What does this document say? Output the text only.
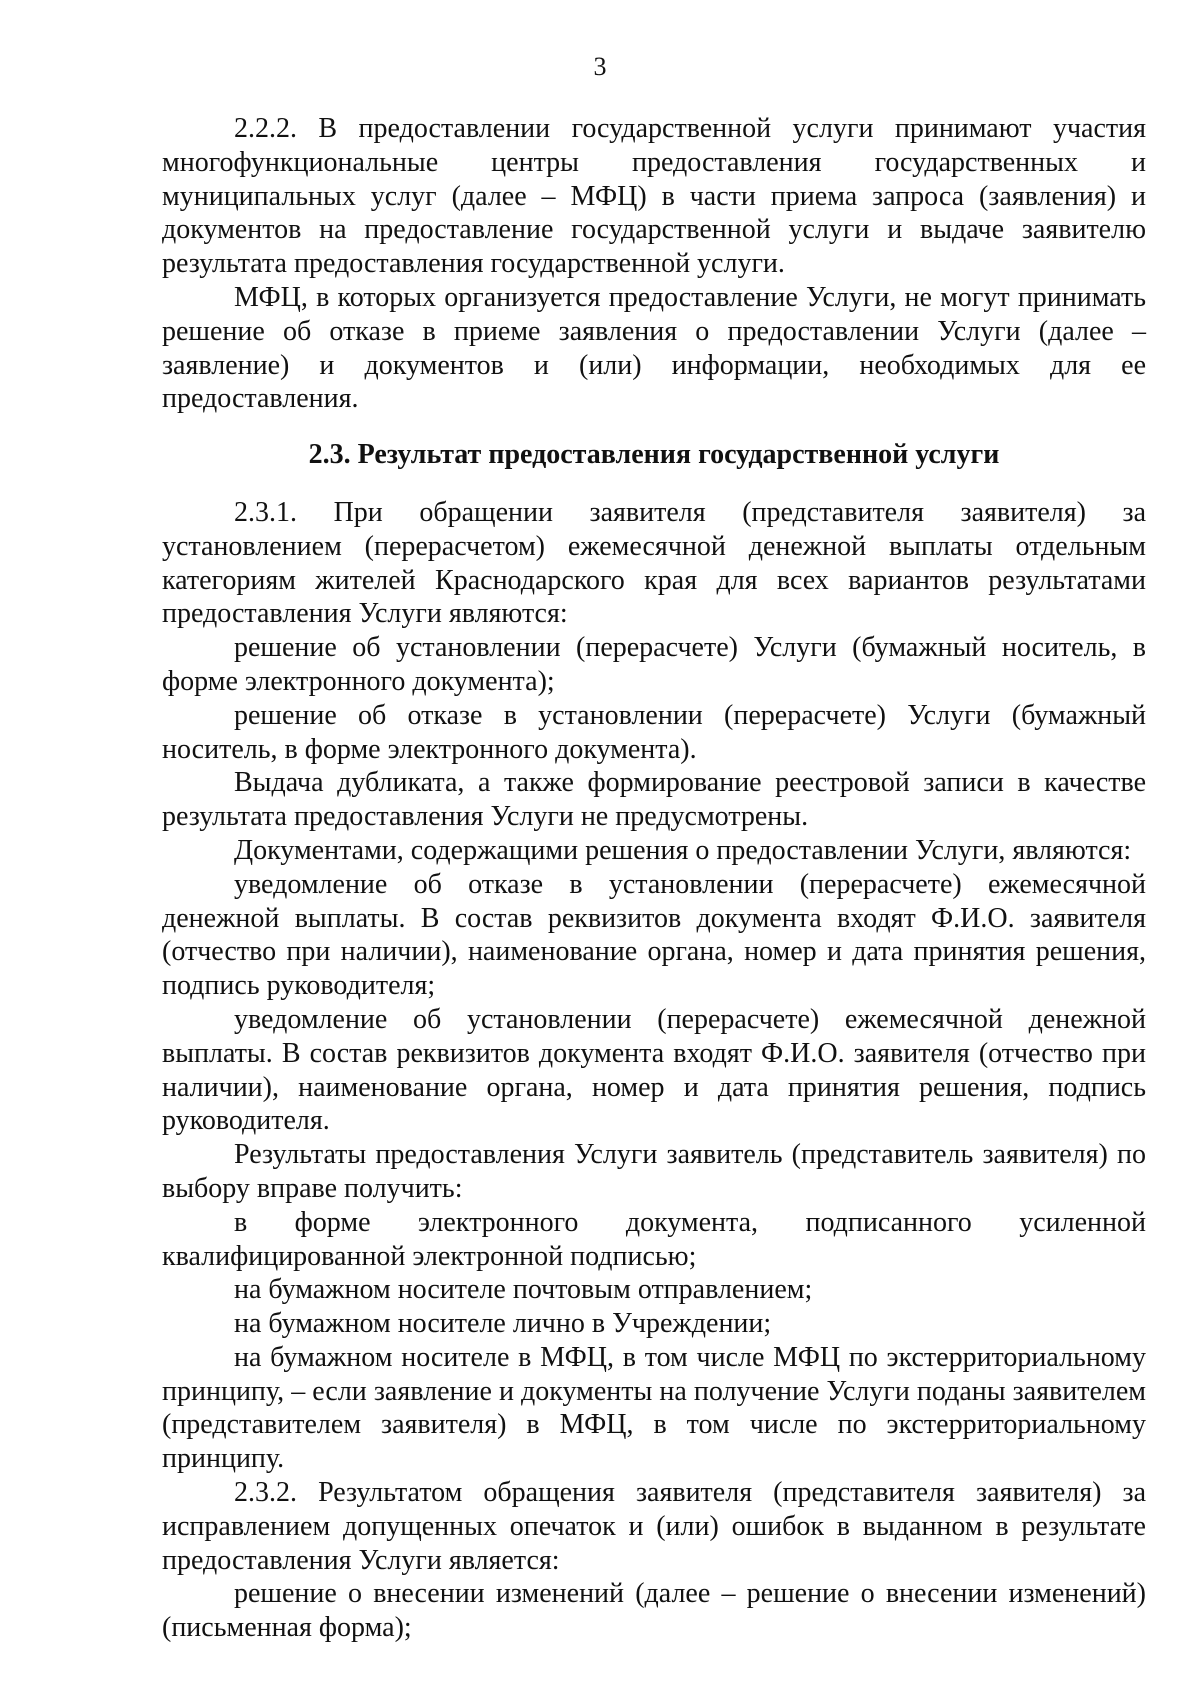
3

2.2.2. В предоставлении государственной услуги принимают участия многофункциональные центры предоставления государственных и муниципальных услуг (далее – МФЦ) в части приема запроса (заявления) и документов на предоставление государственной услуги и выдаче заявителю результата предоставления государственной услуги.

МФЦ, в которых организуется предоставление Услуги, не могут принимать решение об отказе в приеме заявления о предоставлении Услуги (далее – заявление) и документов и (или) информации, необходимых для ее предоставления.

2.3. Результат предоставления государственной услуги

2.3.1. При обращении заявителя (представителя заявителя) за установлением (перерасчетом) ежемесячной денежной выплаты отдельным категориям жителей Краснодарского края для всех вариантов результатами предоставления Услуги являются:

решение об установлении (перерасчете) Услуги (бумажный носитель, в форме электронного документа);

решение об отказе в установлении (перерасчете) Услуги (бумажный носитель, в форме электронного документа).

Выдача дубликата, а также формирование реестровой записи в качестве результата предоставления Услуги не предусмотрены.

Документами, содержащими решения о предоставлении Услуги, являются:

уведомление об отказе в установлении (перерасчете) ежемесячной денежной выплаты. В состав реквизитов документа входят Ф.И.О. заявителя (отчество при наличии), наименование органа, номер и дата принятия решения, подпись руководителя;

уведомление об установлении (перерасчете) ежемесячной денежной выплаты. В состав реквизитов документа входят Ф.И.О. заявителя (отчество при наличии), наименование органа, номер и дата принятия решения, подпись руководителя.

Результаты предоставления Услуги заявитель (представитель заявителя) по выбору вправе получить:

в форме электронного документа, подписанного усиленной квалифицированной электронной подписью;

на бумажном носителе почтовым отправлением;

на бумажном носителе лично в Учреждении;

на бумажном носителе в МФЦ, в том числе МФЦ по экстерриториальному принципу, – если заявление и документы на получение Услуги поданы заявителем (представителем заявителя) в МФЦ, в том числе по экстерриториальному принципу.

2.3.2. Результатом обращения заявителя (представителя заявителя) за исправлением допущенных опечаток и (или) ошибок в выданном в результате предоставления Услуги является:

решение о внесении изменений (далее – решение о внесении изменений) (письменная форма);
